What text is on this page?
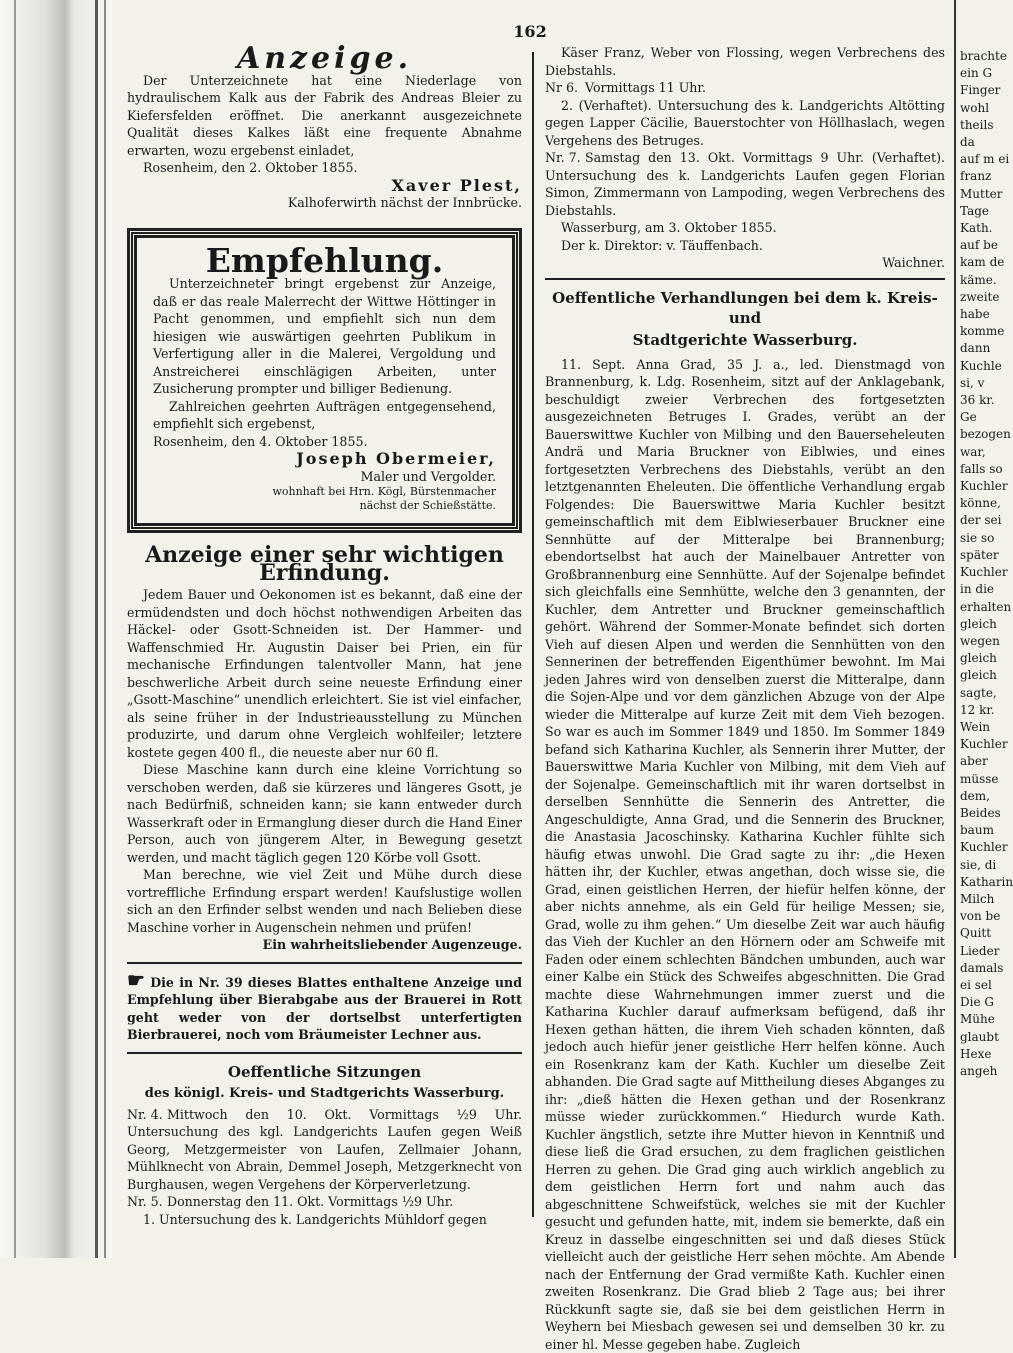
162
Anzeige.

Der Unterzeichnete hat eine Niederlage von hydraulischem Kalk aus der Fabrik des Andreas Bleier zu Kiefersfelden eröffnet. Die anerkannt ausgezeichnete Qualität dieses Kalkes läßt eine frequente Abnahme erwarten, wozu ergebenst einladet,

Rosenheim, den 2. Oktober 1855.

Xaver Plest,
Kalhoferwirth nächst der Innbrücke.
Empfehlung.

Unterzeichneter bringt ergebenst zur Anzeige, daß er das reale Malerrecht der Wittwe Höttinger in Pacht genommen, und empfiehlt sich nun dem hiesigen wie auswärtigen geehrten Publikum in Verfertigung aller in die Malerei, Vergoldung und Anstreicherei einschlägigen Arbeiten, unter Zusicherung prompter und billiger Bedienung.

Zahlreichen geehrten Aufträgen entgegensehend, empfiehlt sich ergebenst,

Rosenheim, den 4. Oktober 1855.

Joseph Obermeier,
Maler und Vergolder.
wohnhaft bei Hrn. Kögl, Bürstenmacher
nächst der Schießstätte.
Anzeige einer sehr wichtigen Erfindung.

Jedem Bauer und Oekonomen ist es bekannt, daß eine der ermüdendsten und doch höchst nothwendigen Arbeiten das Häckel- oder Gsott-Schneiden ist. Der Hammer- und Waffenschmied Hr. Augustin Daiser bei Prien, ein für mechanische Erfindungen talentvoller Mann, hat jene beschwerliche Arbeit durch seine neueste Erfindung einer „Gsott-Maschine“ unendlich erleichtert. Sie ist viel einfacher, als seine früher in der Industrieausstellung zu München produzirte, und darum ohne Vergleich wohlfeiler; letztere kostete gegen 400 fl., die neueste aber nur 60 fl.

Diese Maschine kann durch eine kleine Vorrichtung so verschoben werden, daß sie kürzeres und längeres Gsott, je nach Bedürfniß, schneiden kann; sie kann entweder durch Wasserkraft oder in Ermanglung dieser durch die Hand Einer Person, auch von jüngerem Alter, in Bewegung gesetzt werden, und macht täglich gegen 120 Körbe voll Gsott.

Man berechne, wie viel Zeit und Mühe durch diese vortreffliche Erfindung erspart werden! Kaufslustige wollen sich an den Erfinder selbst wenden und nach Belieben diese Maschine vorher in Augenschein nehmen und prüfen!

Ein wahrheitsliebender Augenzeuge.

☛ Die in Nr. 39 dieses Blattes enthaltene Anzeige und Empfehlung über Bierabgabe aus der Brauerei in Rott geht weder von der dortselbst unterfertigten Bierbrauerei, noch vom Bräumeister Lechner aus.

Oeffentliche Sitzungen
des königl. Kreis- und Stadtgerichts Wasserburg.

Nr. 4. Mittwoch den 10. Okt. Vormittags ½9 Uhr. Untersuchung des kgl. Landgerichts Laufen gegen Weiß Georg, Metzgermeister von Laufen, Zellmaier Johann, Mühlknecht von Abrain, Demmel Joseph, Metzgerknecht von Burghausen, wegen Vergehens der Körperverletzung.

Nr. 5. Donnerstag den 11. Okt. Vormittags ½9 Uhr.

1. Untersuchung des k. Landgerichts Mühldorf gegen

Käser Franz, Weber von Flossing, wegen Verbrechens des Diebstahls.

Nr 6. Vormittags 11 Uhr.

2. (Verhaftet). Untersuchung des k. Landgerichts Altötting gegen Lapper Cäcilie, Bauerstochter von Höllhaslach, wegen Vergehens des Betruges.

Nr. 7. Samstag den 13. Okt. Vormittags 9 Uhr. (Verhaftet). Untersuchung des k. Landgerichts Laufen gegen Florian Simon, Zimmermann von Lampoding, wegen Verbrechens des Diebstahls.

Wasserburg, am 3. Oktober 1855.

Der k. Direktor: v. Täuffenbach.

Waichner.
Oeffentliche Verhandlungen bei dem k. Kreis- und
Stadtgerichte Wasserburg.

11. Sept. Anna Grad, 35 J. a., led. Dienstmagd von Brannenburg, k. Ldg. Rosenheim, sitzt auf der Anklagebank, beschuldigt zweier Verbrechen des fortgesetzten ausgezeichneten Betruges I. Grades, verübt an der Bauerswittwe Kuchler von Milbing und den Bauerseheleuten Andrä und Maria Bruckner von Eiblwies, und eines fortgesetzten Verbrechens des Diebstahls, verübt an den letztgenannten Eheleuten. Die öffentliche Verhandlung ergab Folgendes: Die Bauerswittwe Maria Kuchler besitzt gemeinschaftlich mit dem Eiblwieserbauer Bruckner eine Sennhütte auf der Mitteralpe bei Brannenburg; ebendortselbst hat auch der Mainelbauer Antretter von Großbrannenburg eine Sennhütte. Auf der Sojenalpe befindet sich gleichfalls eine Sennhütte, welche den 3 genannten, der Kuchler, dem Antretter und Bruckner gemeinschaftlich gehört. Während der Sommer-Monate befindet sich dorten Vieh auf diesen Alpen und werden die Sennhütten von den Sennerinen der betreffenden Eigenthümer bewohnt. Im Mai jeden Jahres wird von denselben zuerst die Mitteralpe, dann die Sojen-Alpe und vor dem gänzlichen Abzuge von der Alpe wieder die Mitteralpe auf kurze Zeit mit dem Vieh bezogen. So war es auch im Sommer 1849 und 1850. Im Sommer 1849 befand sich Katharina Kuchler, als Sennerin ihrer Mutter, der Bauerswittwe Maria Kuchler von Milbing, mit dem Vieh auf der Sojenalpe. Gemeinschaftlich mit ihr waren dortselbst in derselben Sennhütte die Sennerin des Antretter, die Angeschuldigte, Anna Grad, und die Sennerin des Bruckner, die Anastasia Jacoschinsky. Katharina Kuchler fühlte sich häufig etwas unwohl. Die Grad sagte zu ihr: „die Hexen hätten ihr, der Kuchler, etwas angethan, doch wisse sie, die Grad, einen geistlichen Herren, der hiefür helfen könne, der aber nichts annehme, als ein Geld für heilige Messen; sie, Grad, wolle zu ihm gehen.“ Um dieselbe Zeit war auch häufig das Vieh der Kuchler an den Hörnern oder am Schweife mit Faden oder einem schlechten Bändchen umbunden, auch war einer Kalbe ein Stück des Schweifes abgeschnitten. Die Grad machte diese Wahrnehmungen immer zuerst und die Katharina Kuchler darauf aufmerksam befügend, daß ihr Hexen gethan hätten, die ihrem Vieh schaden könnten, daß jedoch auch hiefür jener geistliche Herr helfen könne. Auch ein Rosenkranz kam der Kath. Kuchler um dieselbe Zeit abhanden. Die Grad sagte auf Mittheilung dieses Abganges zu ihr: „dieß hätten die Hexen gethan und der Rosenkranz müsse wieder zurückkommen.“ Hiedurch wurde Kath. Kuchler ängstlich, setzte ihre Mutter hievon in Kenntniß und diese ließ die Grad ersuchen, zu dem fraglichen geistlichen Herren zu gehen. Die Grad ging auch wirklich angeblich zu dem geistlichen Herrn fort und nahm auch das abgeschnittene Schweifstück, welches sie mit der Kuchler gesucht und gefunden hatte, mit, indem sie bemerkte, daß ein Kreuz in dasselbe eingeschnitten sei und daß dieses Stück vielleicht auch der geistliche Herr sehen möchte. Am Abende nach der Entfernung der Grad vermißte Kath. Kuchler einen zweiten Rosenkranz. Die Grad blieb 2 Tage aus; bei ihrer Rückkunft sagte sie, daß sie bei dem geistlichen Herrn in Weyhern bei Miesbach gewesen sei und demselben 30 kr. zu einer hl. Messe gegeben habe. Zugleich

brachte
ein G
Finger
wohl
theils
da
auf m ei
franz
Mutter
Tage
Kath.
auf be
kam de
käme.
zweite
habe
komme
dann
Kuchle
si, v
36 kr.
Ge
bezogen
war,
falls so
Kuchler
könne,
der sei
sie so
später
Kuchler
in die
erhalten
gleich
wegen
gleich
gleich
sagte,
12 kr.
Wein
Kuchler
aber
müsse
dem,
Beides
baum
Kuchler
sie, di
Katharin
Milch
von be
Quitt
Lieder
damals
ei sel
Die G
Mühe
glaubt
Hexe
angeh
